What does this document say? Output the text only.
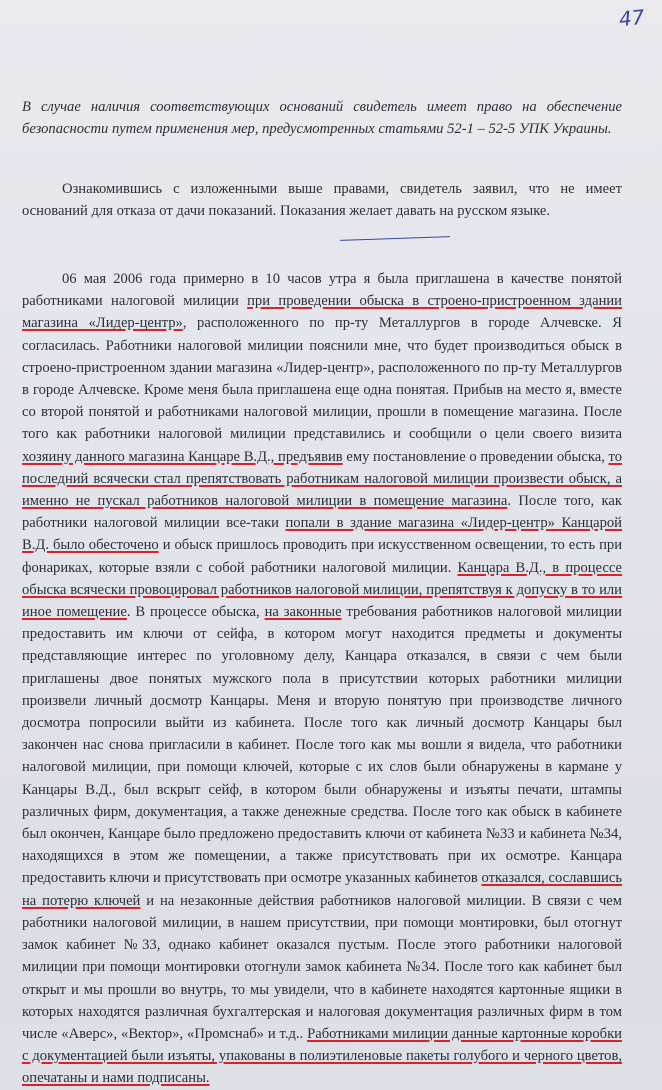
47
В случае наличия соответствующих оснований свидетель имеет право на обеспечение безопасности путем применения мер, предусмотренных статьями 52-1 – 52-5 УПК Украины.
Ознакомившись с изложенными выше правами, свидетель заявил, что не имеет оснований для отказа от дачи показаний. Показания желает давать на русском языке.
06 мая 2006 года примерно в 10 часов утра я была приглашена в качестве понятой работниками налоговой милиции при проведении обыска в строено-пристроенном здании магазина «Лидер-центр», расположенного по пр-ту Металлургов в городе Алчевске. Я согласилась. Работники налоговой милиции пояснили мне, что будет производиться обыск в строено-пристроенном здании магазина «Лидер-центр», расположенного по пр-ту Металлургов в городе Алчевске. Кроме меня была приглашена еще одна понятая. Прибыв на место я, вместе со второй понятой и работниками налоговой милиции, прошли в помещение магазина. После того как работники налоговой милиции представились и сообщили о цели своего визита хозяину данного магазина Канцаре В.Д., предъявив ему постановление о проведении обыска, то последний всячески стал препятствовать работникам налоговой милиции произвести обыск, а именно не пускал работников налоговой милиции в помещение магазина. После того, как работники налоговой милиции все-таки попали в здание магазина «Лидер-центр» Канцарой В.Д. было обесточено и обыск пришлось проводить при искусственном освещении, то есть при фонариках, которые взяли с собой работники налоговой милиции. Канцара В.Д., в процессе обыска всячески провоцировал работников налоговой милиции, препятствуя к допуску в то или иное помещение. В процессе обыска, на законные требования работников налоговой милиции предоставить им ключи от сейфа, в котором могут находится предметы и документы представляющие интерес по уголовному делу, Канцара отказался, в связи с чем были приглашены двое понятых мужского пола в присутствии которых работники милиции произвели личный досмотр Канцары. Меня и вторую понятую при производстве личного досмотра попросили выйти из кабинета. После того как личный досмотр Канцары был закончен нас снова пригласили в кабинет. После того как мы вошли я видела, что работники налоговой милиции, при помощи ключей, которые с их слов были обнаружены в кармане у Канцары В.Д., был вскрыт сейф, в котором были обнаружены и изъяты печати, штампы различных фирм, документация, а также денежные средства. После того как обыск в кабинете был окончен, Канцаре было предложено предоставить ключи от кабинета №33 и кабинета №34, находящихся в этом же помещении, а также присутствовать при их осмотре. Канцара предоставить ключи и присутствовать при осмотре указанных кабинетов отказался, сославшись на потерю ключей и на незаконные действия работников налоговой милиции. В связи с чем работники налоговой милиции, в нашем присутствии, при помощи монтировки, был отогнут замок кабинет №33, однако кабинет оказался пустым. После этого работники налоговой милиции при помощи монтировки отогнули замок кабинета №34. После того как кабинет был открыт и мы прошли во внутрь, то мы увидели, что в кабинете находятся картонные ящики в которых находятся различная бухгалтерская и налоговая документация различных фирм в том числе «Аверс», «Вектор», «Промснаб» и т.д.. Работниками милиции данные картонные коробки с документацией были изъяты, упакованы в полиэтиленовые пакеты голубого и черного цветов, опечатаны и нами подписаны.
